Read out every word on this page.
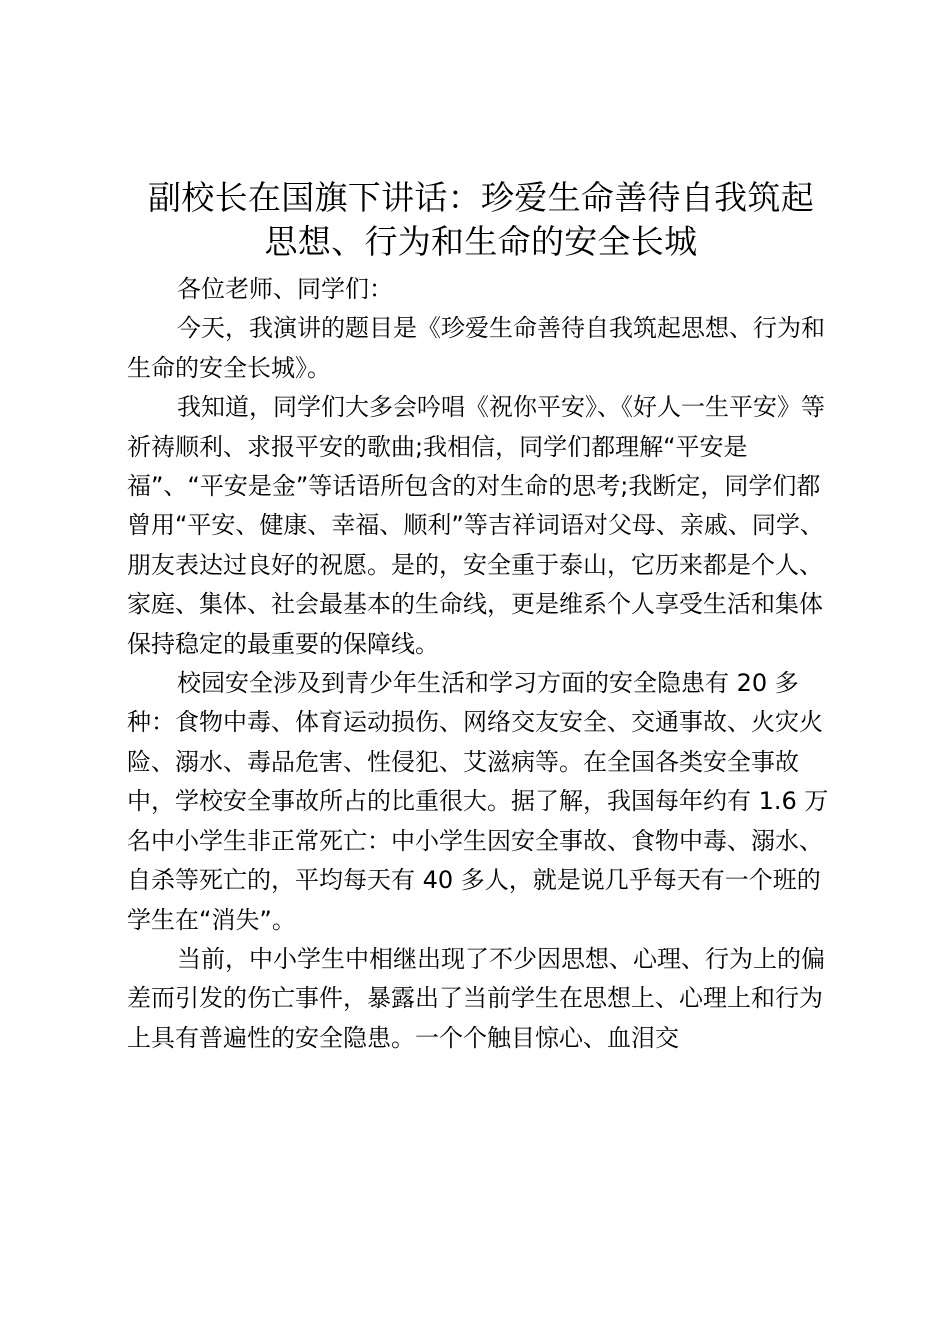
副校长在国旗下讲话：珍爱生命善待自我筑起
思想、行为和生命的安全长城

各位老师、同学们：

今天，我演讲的题目是《珍爱生命善待自我筑起思想、行为和生命的安全长城》。

我知道，同学们大多会吟唱《祝你平安》、《好人一生平安》等祈祷顺利、求报平安的歌曲;我相信，同学们都理解“平安是福”、“平安是金”等话语所包含的对生命的思考;我断定，同学们都曾用“平安、健康、幸福、顺利”等吉祥词语对父母、亲戚、同学、朋友表达过良好的祝愿。是的，安全重于泰山，它历来都是个人、家庭、集体、社会最基本的生命线，更是维系个人享受生活和集体保持稳定的最重要的保障线。

校园安全涉及到青少年生活和学习方面的安全隐患有 20 多种：食物中毒、体育运动损伤、网络交友安全、交通事故、火灾火险、溺水、毒品危害、性侵犯、艾滋病等。在全国各类安全事故中，学校安全事故所占的比重很大。据了解，我国每年约有 1.6 万名中小学生非正常死亡：中小学生因安全事故、食物中毒、溺水、自杀等死亡的，平均每天有 40 多人，就是说几乎每天有一个班的学生在“消失”。

当前，中小学生中相继出现了不少因思想、心理、行为上的偏差而引发的伤亡事件，暴露出了当前学生在思想上、心理上和行为上具有普遍性的安全隐患。一个个触目惊心、血泪交
